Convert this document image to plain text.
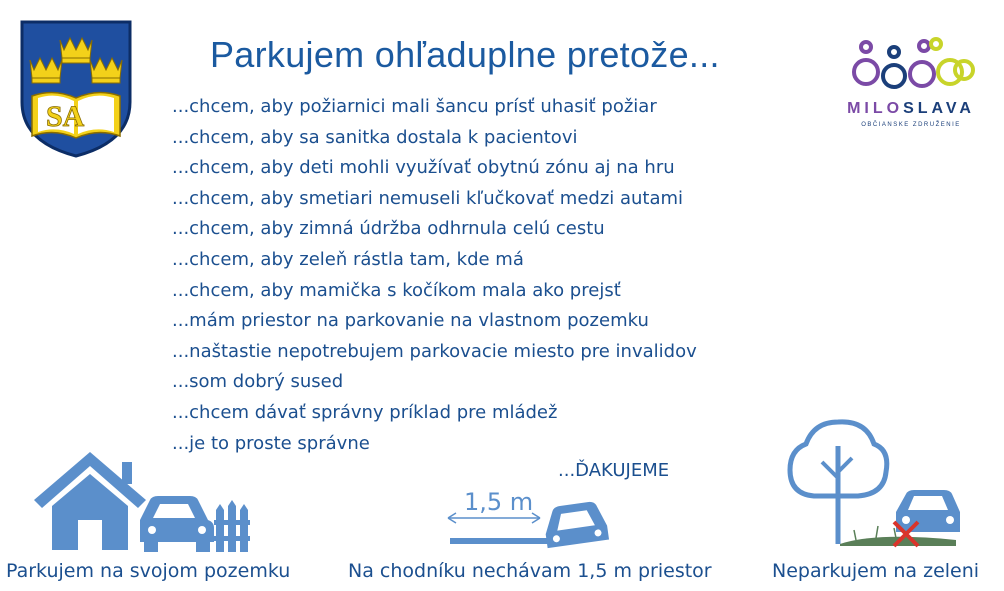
SA
Parkujem ohľaduplne pretože...
MILOSLAVA
OBČIANSKE ZDRUŽENIE
...chcem, aby požiarnici mali šancu prísť uhasiť požiar
...chcem, aby sa sanitka dostala k pacientovi
...chcem, aby deti mohli využívať obytnú zónu aj na hru
...chcem, aby smetiari nemuseli kľučkovať medzi autami
...chcem, aby zimná údržba odhrnula celú cestu
...chcem, aby zeleň rástla tam, kde má
...chcem, aby mamička s kočíkom mala ako prejsť
...mám priestor na parkovanie na vlastnom pozemku
...naštastie nepotrebujem parkovacie miesto pre invalidov
...som dobrý sused
...chcem dávať správny príklad pre mládež
...je to proste správne
...ĎAKUJEME
1,5 m
Parkujem na svojom pozemku	Na chodníku nechávam 1,5 m priestor	Neparkujem na zeleni
